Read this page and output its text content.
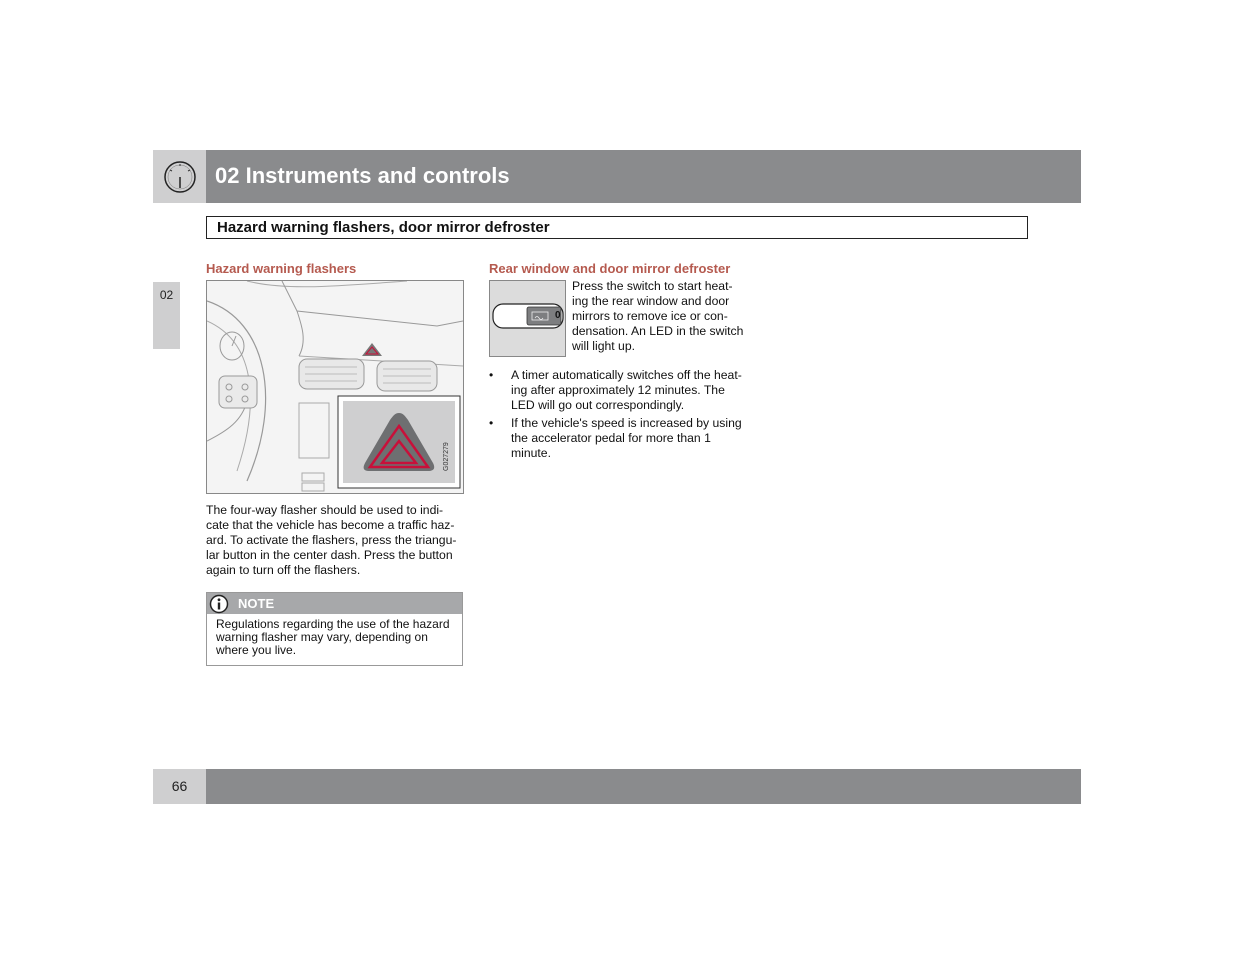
02 Instruments and controls
Hazard warning flashers, door mirror defroster
02
Hazard warning flashers
G027279
The four-way flasher should be used to indi-
cate that the vehicle has become a traffic haz-
ard. To activate the flashers, press the triangu-
lar button in the center dash. Press the button
again to turn off the flashers.
NOTE
Regulations regarding the use of the hazard
warning flasher may vary, depending on
where you live.
Rear window and door mirror defroster
0
Press the switch to start heat-
ing the rear window and door
mirrors to remove ice or con-
densation. An LED in the switch
will light up.
• A timer automatically switches off the heat-
ing after approximately 12 minutes. The
LED will go out correspondingly.
• If the vehicle's speed is increased by using
the accelerator pedal for more than 1
minute.
66
